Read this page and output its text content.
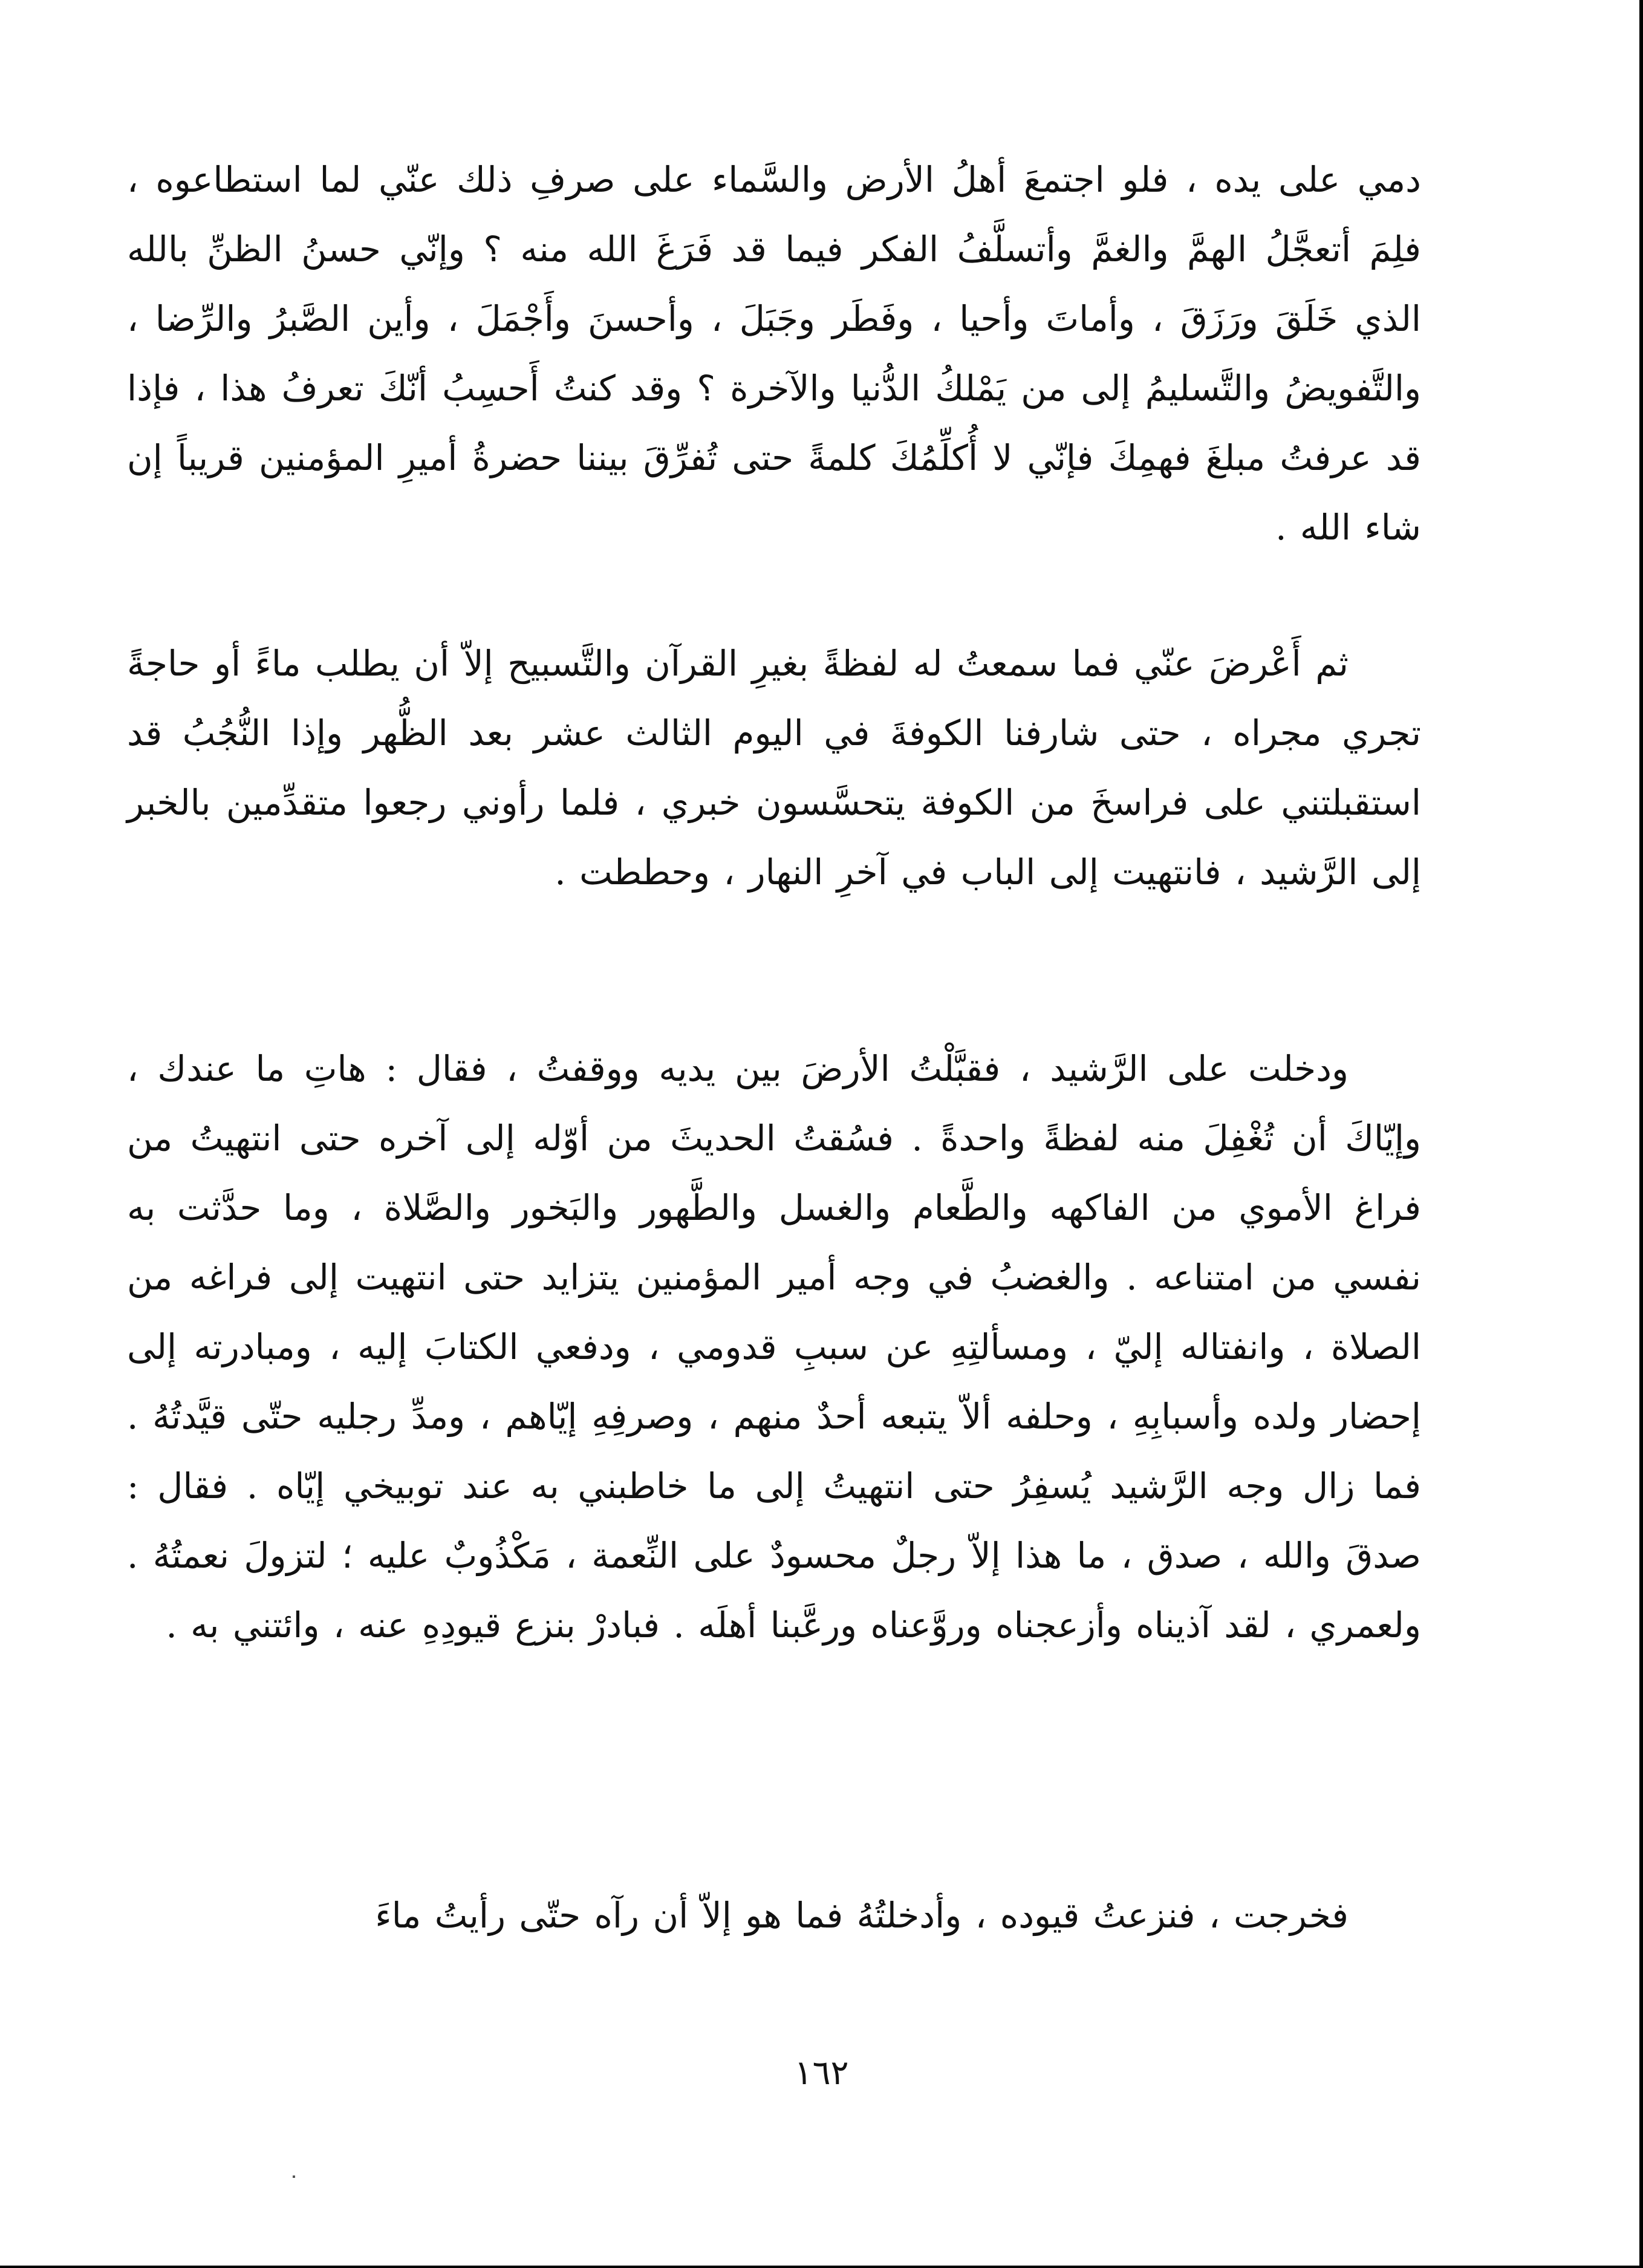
دمي على يده ، فلو اجتمعَ أهلُ الأرض والسَّماء على صرفِ ذلك عنّي لما استطاعوه ، فلِمَ أتعجَّلُ الهمَّ والغمَّ وأتسلَّفُ الفكر فيما قد فَرَغَ الله منه ؟ وإنّي حسنُ الظنِّ بالله الذي خَلَقَ ورَزَقَ ، وأماتَ وأحيا ، وفَطَر وجَبَلَ ، وأحسنَ وأَجْمَلَ ، وأين الصَّبرُ والرِّضا ، والتَّفويضُ والتَّسليمُ إلى من يَمْلكُ الدُّنيا والآخرة ؟ وقد كنتُ أَحسِبُ أنّكَ تعرفُ هذا ، فإذا قد عرفتُ مبلغَ فهمِكَ فإنّي لا أُكلِّمُكَ كلمةً حتى تُفرِّقَ بيننا حضرةُ أميرِ المؤمنين قريباً إن شاء الله .

ثم أَعْرضَ عنّي فما سمعتُ له لفظةً بغيرِ القرآن والتَّسبيح إلاّ أن يطلب ماءً أو حاجةً تجري مجراه ، حتى شارفنا الكوفةَ في اليوم الثالث عشر بعد الظُّهر وإذا النُّجُبُ قد استقبلتني على فراسخَ من الكوفة يتحسَّسون خبري ، فلما رأوني رجعوا متقدِّمين بالخبر إلى الرَّشيد ، فانتهيت إلى الباب في آخرِ النهار ، وحططت .

ودخلت على الرَّشيد ، فقبَّلْتُ الأرضَ بين يديه ووقفتُ ، فقال : هاتِ ما عندك ، وإيّاكَ أن تُغْفِلَ منه لفظةً واحدةً . فسُقتُ الحديثَ من أوّله إلى آخره حتى انتهيتُ من فراغ الأموي من الفاكهه والطَّعام والغسل والطَّهور والبَخور والصَّلاة ، وما حدَّثت به نفسي من امتناعه . والغضبُ في وجه أمير المؤمنين يتزايد حتى انتهيت إلى فراغه من الصلاة ، وانفتاله إليّ ، ومسألتِهِ عن سببِ قدومي ، ودفعي الكتابَ إليه ، ومبادرته إلى إحضار ولده وأسبابِهِ ، وحلفه ألاّ يتبعه أحدٌ منهم ، وصرفِهِ إيّاهم ، ومدِّ رجليه حتّى قيَّدتُهُ . فما زال وجه الرَّشيد يُسفِرُ حتى انتهيتُ إلى ما خاطبني به عند توبيخي إيّاه . فقال : صدقَ والله ، صدق ، ما هذا إلاّ رجلٌ محسودٌ على النِّعمة ، مَكْذُوبٌ عليه ؛ لتزولَ نعمتُهُ . ولعمري ، لقد آذيناه وأزعجناه وروَّعناه ورعَّبنا أهلَه . فبادرْ بنزع قيودِهِ عنه ، وائتني به .

فخرجت ، فنزعتُ قيوده ، وأدخلتُهُ فما هو إلاّ أن رآه حتّى رأيتُ ماءَ

١٦٢
